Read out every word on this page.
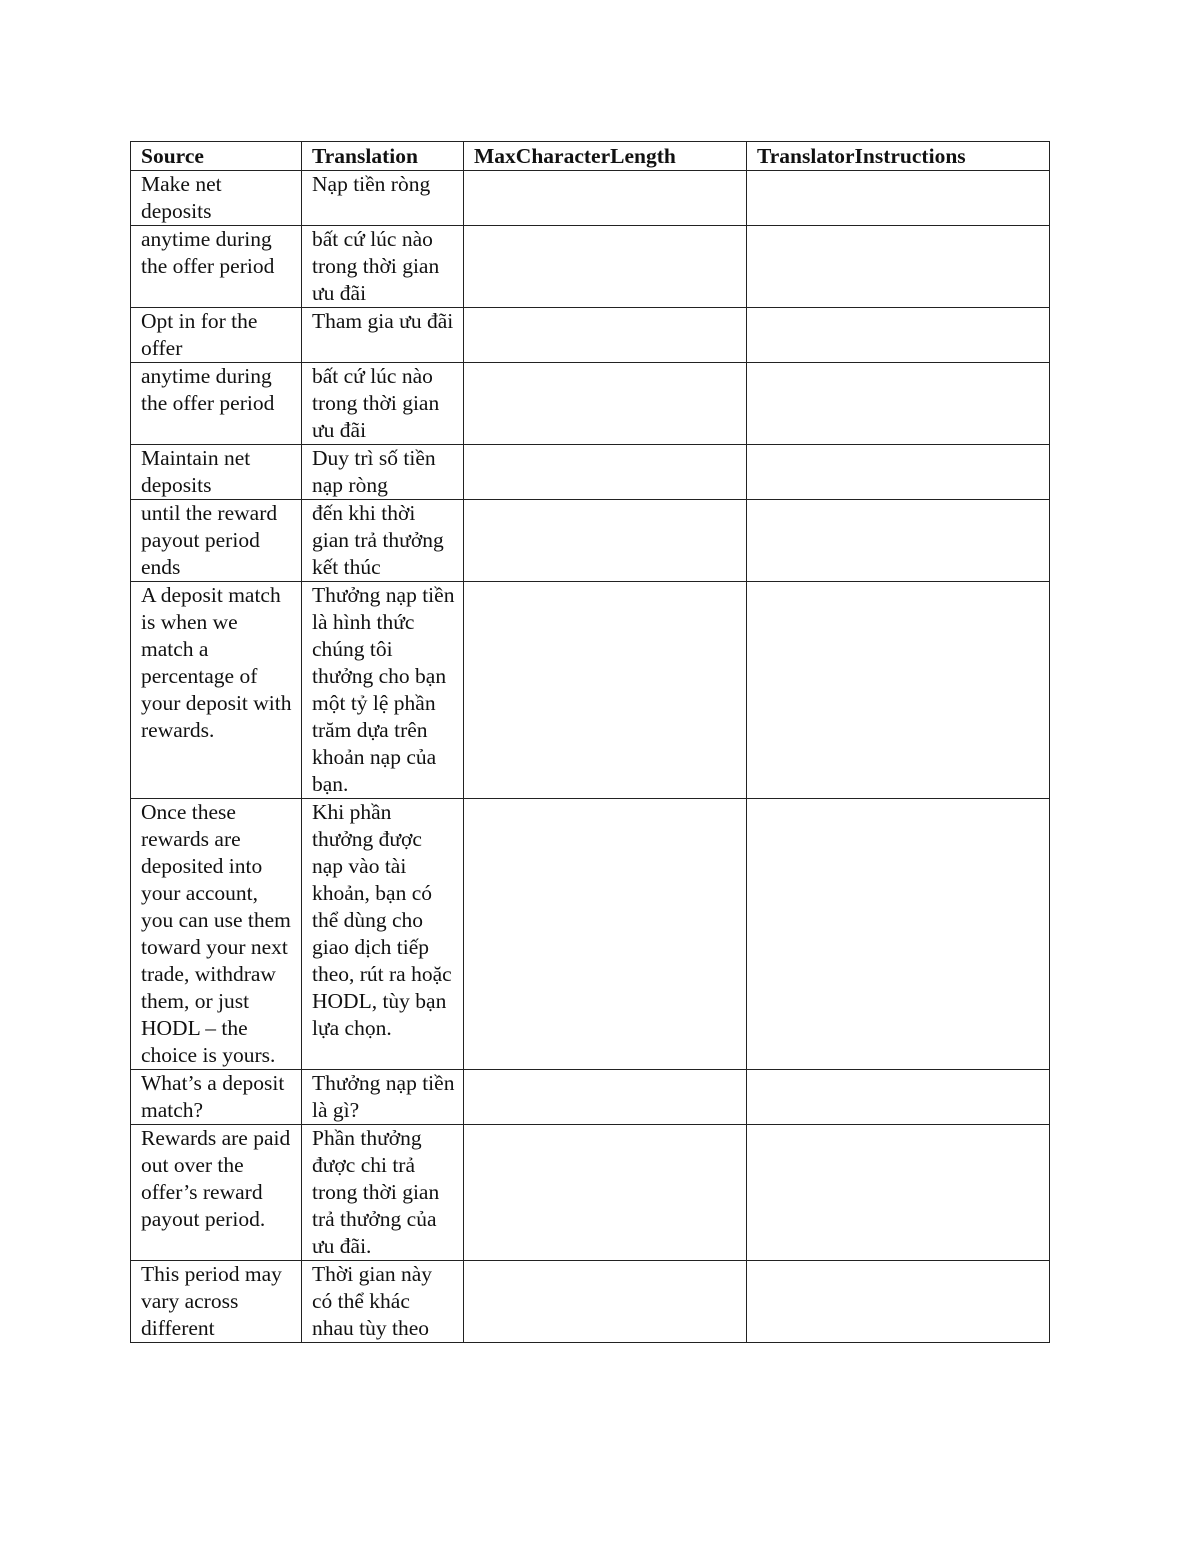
Source	Translation	MaxCharacterLength	TranslatorInstructions
Make net deposits	Nạp tiền ròng		
anytime during the offer period	bất cứ lúc nào trong thời gian ưu đãi		
Opt in for the offer	Tham gia ưu đãi		
anytime during the offer period	bất cứ lúc nào trong thời gian ưu đãi		
Maintain net deposits	Duy trì số tiền nạp ròng		
until the reward payout period ends	đến khi thời gian trả thưởng kết thúc		
A deposit match is when we match a percentage of your deposit with rewards.	Thưởng nạp tiền là hình thức chúng tôi thưởng cho bạn một tỷ lệ phần trăm dựa trên khoản nạp của bạn.		
Once these rewards are deposited into your account, you can use them toward your next trade, withdraw them, or just HODL – the choice is yours.	Khi phần thưởng được nạp vào tài khoản, bạn có thể dùng cho giao dịch tiếp theo, rút ra hoặc HODL, tùy bạn lựa chọn.		
What’s a deposit match?	Thưởng nạp tiền là gì?		
Rewards are paid out over the offer’s reward payout period.	Phần thưởng được chi trả trong thời gian trả thưởng của ưu đãi.		
This period may vary across different	Thời gian này có thể khác nhau tùy theo		
